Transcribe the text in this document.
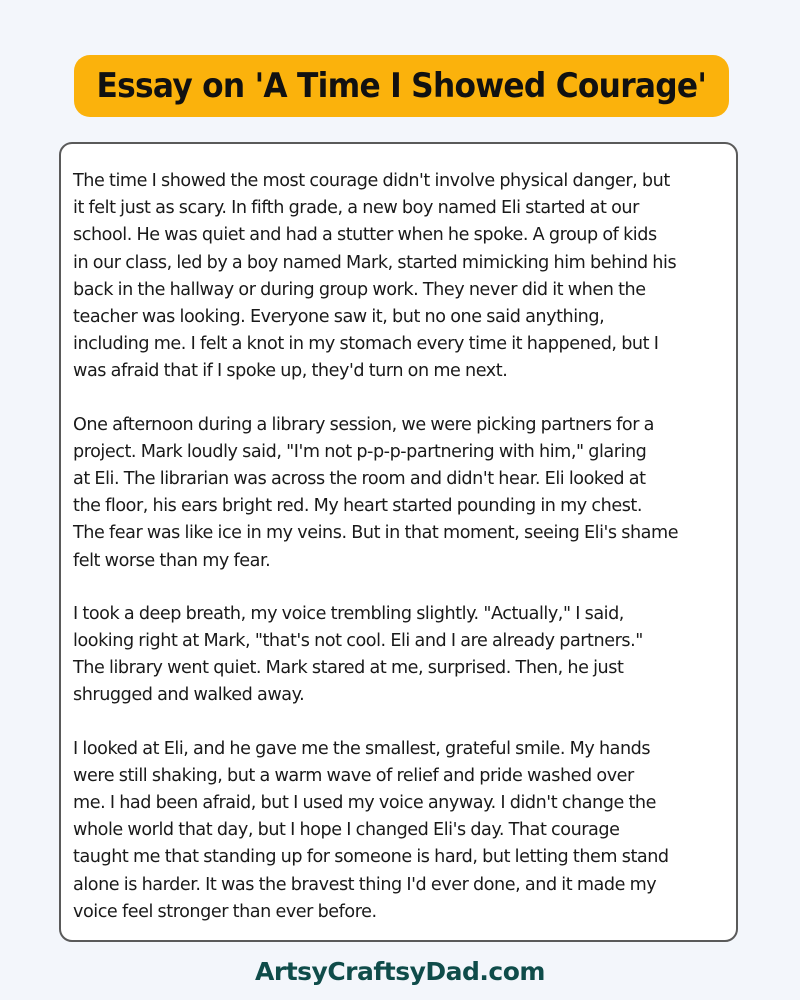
Essay on 'A Time I Showed Courage'

The time I showed the most courage didn't involve physical danger, but
it felt just as scary. In fifth grade, a new boy named Eli started at our
school. He was quiet and had a stutter when he spoke. A group of kids
in our class, led by a boy named Mark, started mimicking him behind his
back in the hallway or during group work. They never did it when the
teacher was looking. Everyone saw it, but no one said anything,
including me. I felt a knot in my stomach every time it happened, but I
was afraid that if I spoke up, they'd turn on me next.

One afternoon during a library session, we were picking partners for a
project. Mark loudly said, "I'm not p-p-p-partnering with him," glaring
at Eli. The librarian was across the room and didn't hear. Eli looked at
the floor, his ears bright red. My heart started pounding in my chest.
The fear was like ice in my veins. But in that moment, seeing Eli's shame
felt worse than my fear.

I took a deep breath, my voice trembling slightly. "Actually," I said,
looking right at Mark, "that's not cool. Eli and I are already partners."
The library went quiet. Mark stared at me, surprised. Then, he just
shrugged and walked away.

I looked at Eli, and he gave me the smallest, grateful smile. My hands
were still shaking, but a warm wave of relief and pride washed over
me. I had been afraid, but I used my voice anyway. I didn't change the
whole world that day, but I hope I changed Eli's day. That courage
taught me that standing up for someone is hard, but letting them stand
alone is harder. It was the bravest thing I'd ever done, and it made my
voice feel stronger than ever before.

ArtsyCraftsyDad.com
